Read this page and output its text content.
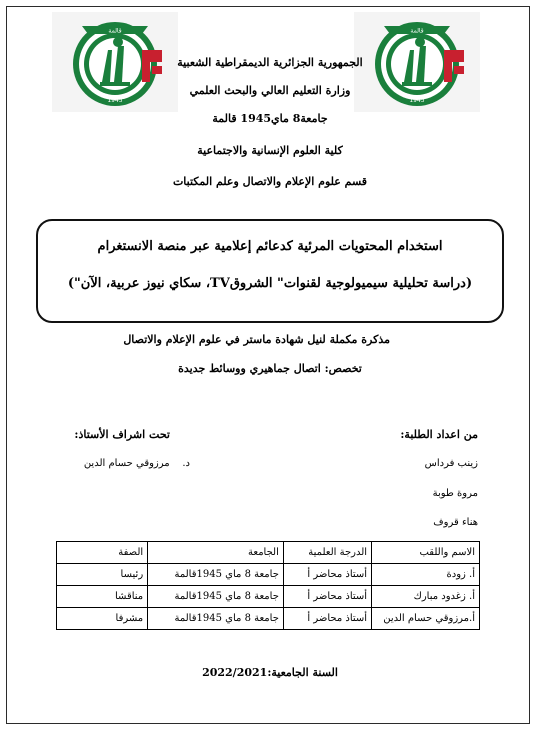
قالمة
1945
قالمة
1945
الجمهورية الجزائرية الديمقراطية الشعبية
وزارة التعليم العالي والبحث العلمي
جامعة8 ماي1945 قالمة
كلية العلوم الإنسانية والاجتماعية
قسم علوم الإعلام والاتصال وعلم المكتبات
استخدام المحتويات المرئية كدعائم إعلامية عبر منصة الانستغرام
(دراسة تحليلية سيميولوجية لقنوات" الشروقTV، سكاي نيوز عربية، الآن")
مذكرة مكملة لنيل شهادة ماستر في علوم الإعلام والاتصال
تخصص: اتصال جماهيري ووسائط جديدة
من اعداد الطلبة:
زينب فرداس
مروة طوبة
هناء قروف
تحت اشراف الأستاذ:
د.    مرزوقي حسام الدين
الاسم واللقب	الدرجة العلمية	الجامعة	الصفة
أ. زودة	أستاذ محاضر أ	جامعة 8 ماي 1945قالمة	رئيسا
أ. زغدود مبارك	أستاذ محاضر أ	جامعة 8 ماي 1945قالمة	مناقشا
أ.مرزوقي حسام الدين	أستاذ محاضر أ	جامعة 8 ماي 1945قالمة	مشرفا
السنة الجامعية:2022/2021
